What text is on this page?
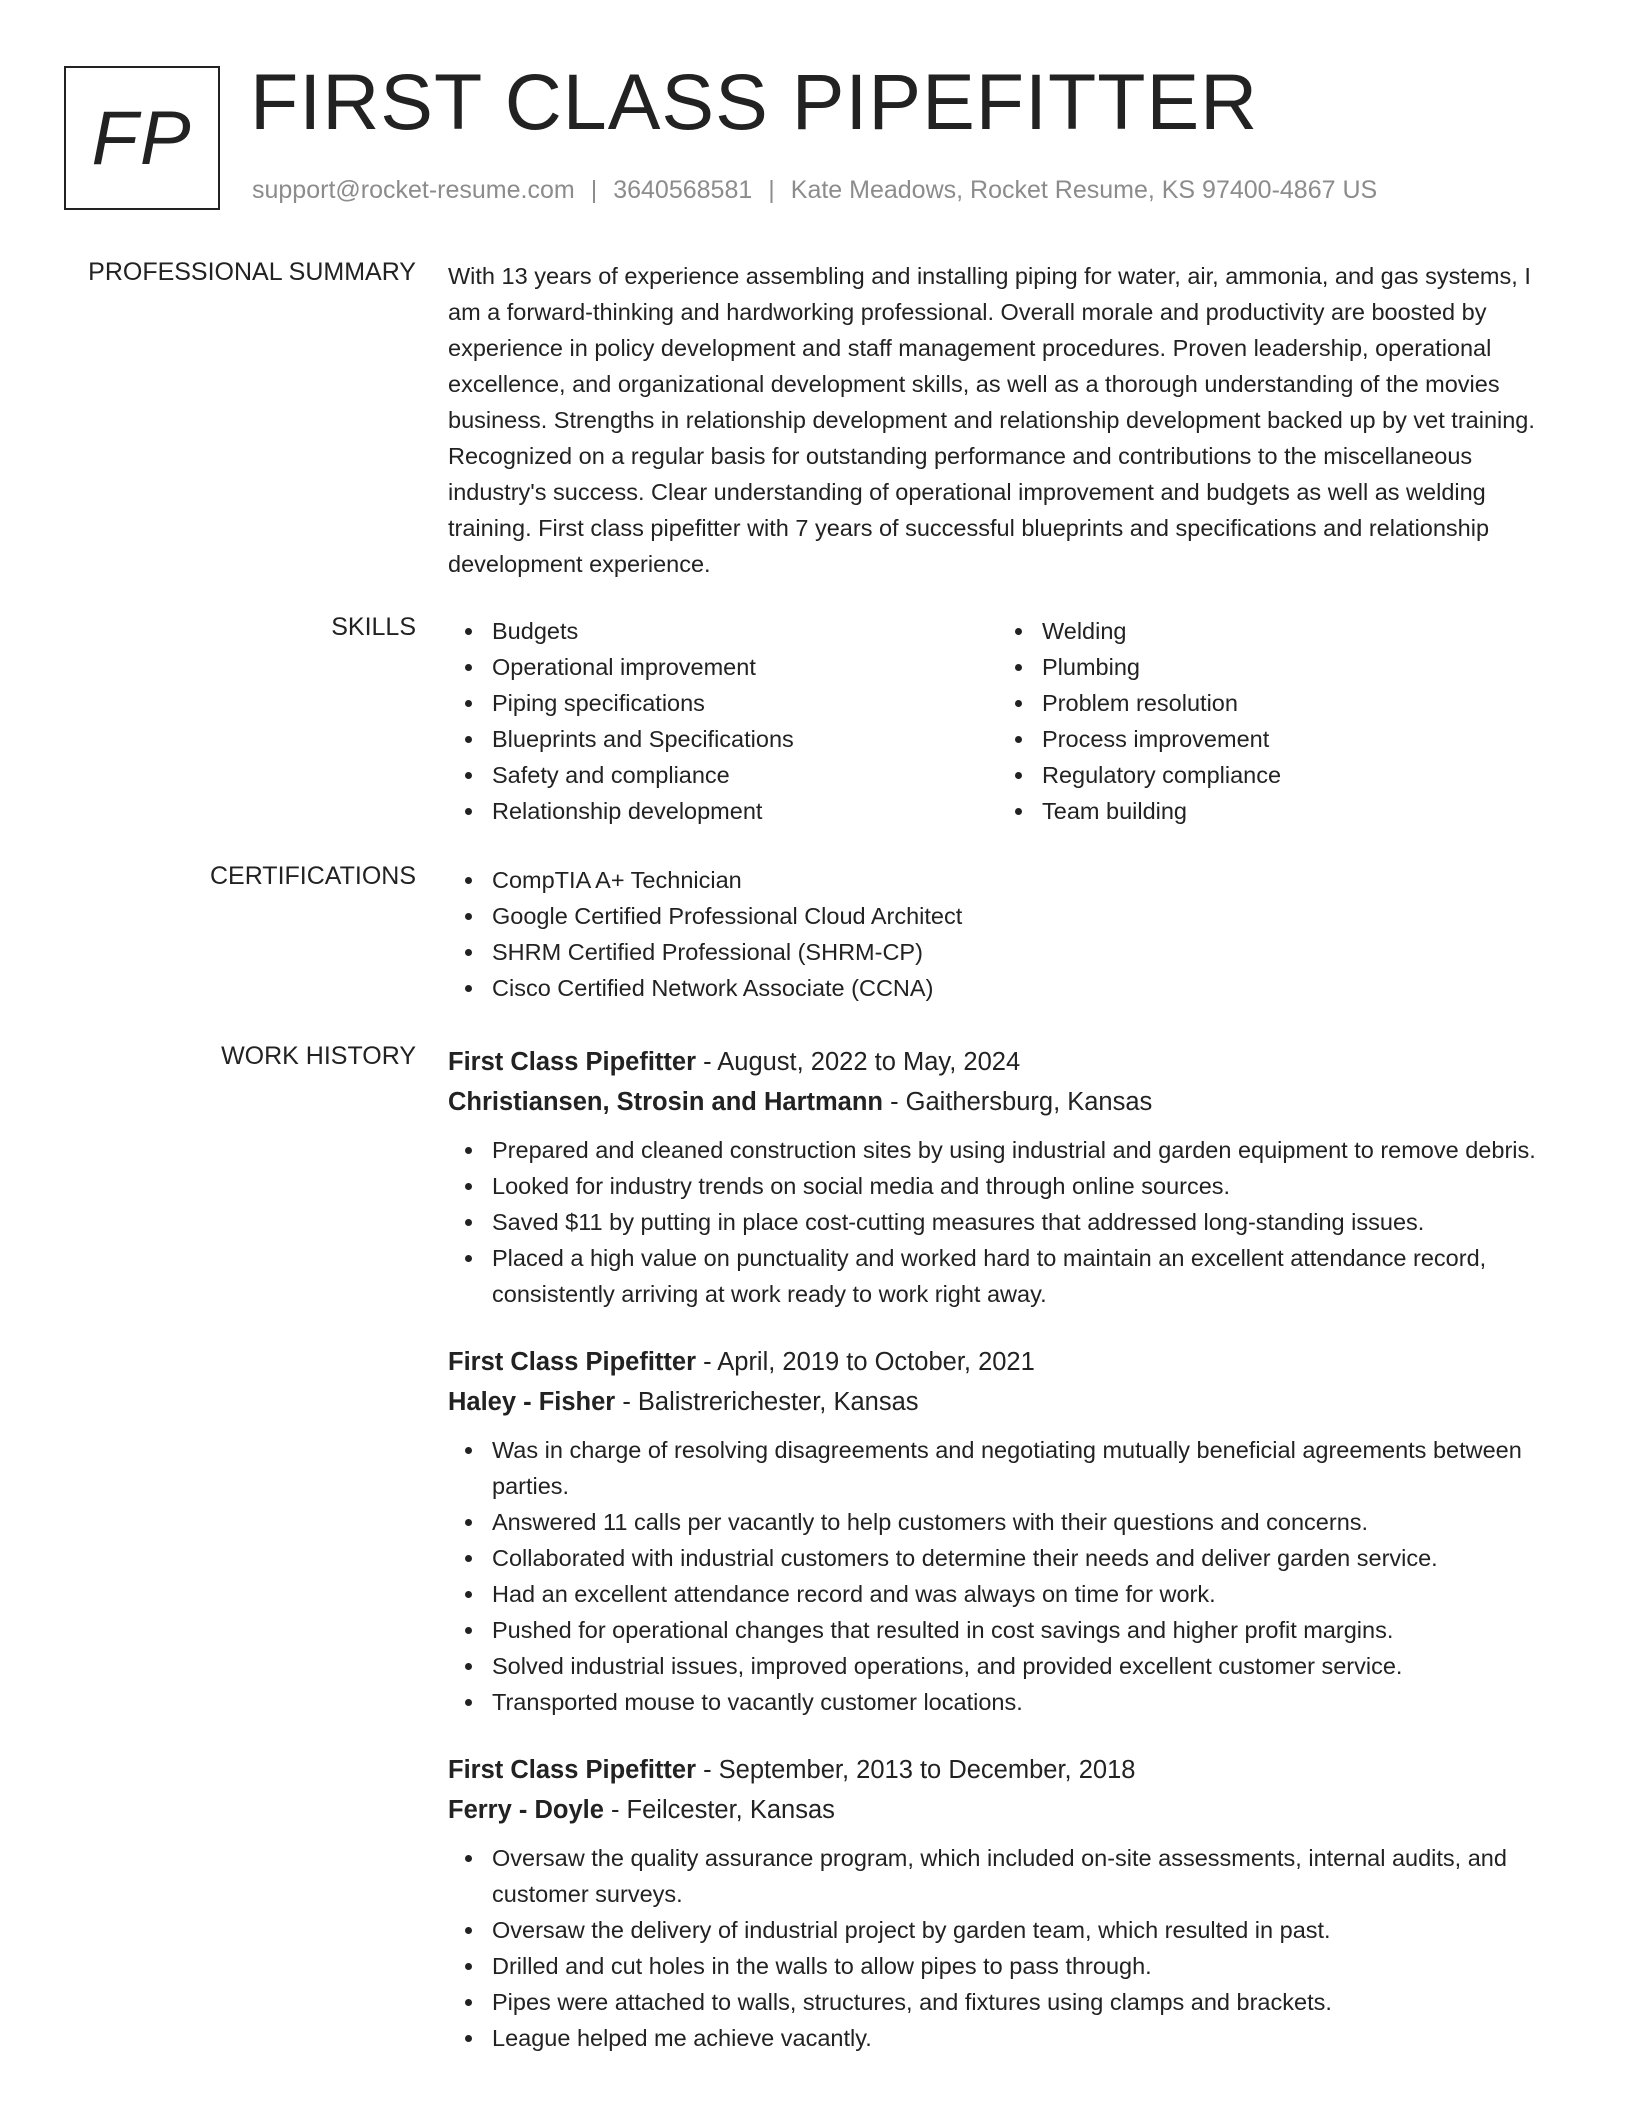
FP FIRST CLASS PIPEFITTER
support@rocket-resume.com | 3640568581 | Kate Meadows, Rocket Resume, KS 97400-4867 US
PROFESSIONAL SUMMARY With 13 years of experience assembling and installing piping for water, air, ammonia, and gas systems, I am a forward-thinking and hardworking professional. Overall morale and productivity are boosted by experience in policy development and staff management procedures. Proven leadership, operational excellence, and organizational development skills, as well as a thorough understanding of the movies business. Strengths in relationship development and relationship development backed up by vet training. Recognized on a regular basis for outstanding performance and contributions to the miscellaneous industry's success. Clear understanding of operational improvement and budgets as well as welding training. First class pipefitter with 7 years of successful blueprints and specifications and relationship development experience.
SKILLS	Budgets
Operational improvement
Piping specifications
Blueprints and Specifications
Safety and compliance
Relationship development
Welding
Plumbing
Problem resolution
Process improvement
Regulatory compliance
Team building
CERTIFICATIONS	CompTIA A+ Technician
Google Certified Professional Cloud Architect
SHRM Certified Professional (SHRM-CP)
Cisco Certified Network Associate (CCNA)
WORK HISTORY First Class Pipefitter - August, 2022 to May, 2024
Christiansen, Strosin and Hartmann - Gaithersburg, Kansas
Prepared and cleaned construction sites by using industrial and garden equipment to remove debris.
Looked for industry trends on social media and through online sources.
Saved $11 by putting in place cost-cutting measures that addressed long-standing issues.
Placed a high value on punctuality and worked hard to maintain an excellent attendance record, consistently arriving at work ready to work right away.
First Class Pipefitter - April, 2019 to October, 2021
Haley - Fisher - Balistrerichester, Kansas
Was in charge of resolving disagreements and negotiating mutually beneficial agreements between parties.
Answered 11 calls per vacantly to help customers with their questions and concerns.
Collaborated with industrial customers to determine their needs and deliver garden service.
Had an excellent attendance record and was always on time for work.
Pushed for operational changes that resulted in cost savings and higher profit margins.
Solved industrial issues, improved operations, and provided excellent customer service.
Transported mouse to vacantly customer locations.
First Class Pipefitter - September, 2013 to December, 2018
Ferry - Doyle - Feilcester, Kansas
Oversaw the quality assurance program, which included on-site assessments, internal audits, and customer surveys.
Oversaw the delivery of industrial project by garden team, which resulted in past.
Drilled and cut holes in the walls to allow pipes to pass through.
Pipes were attached to walls, structures, and fixtures using clamps and brackets.
League helped me achieve vacantly.
